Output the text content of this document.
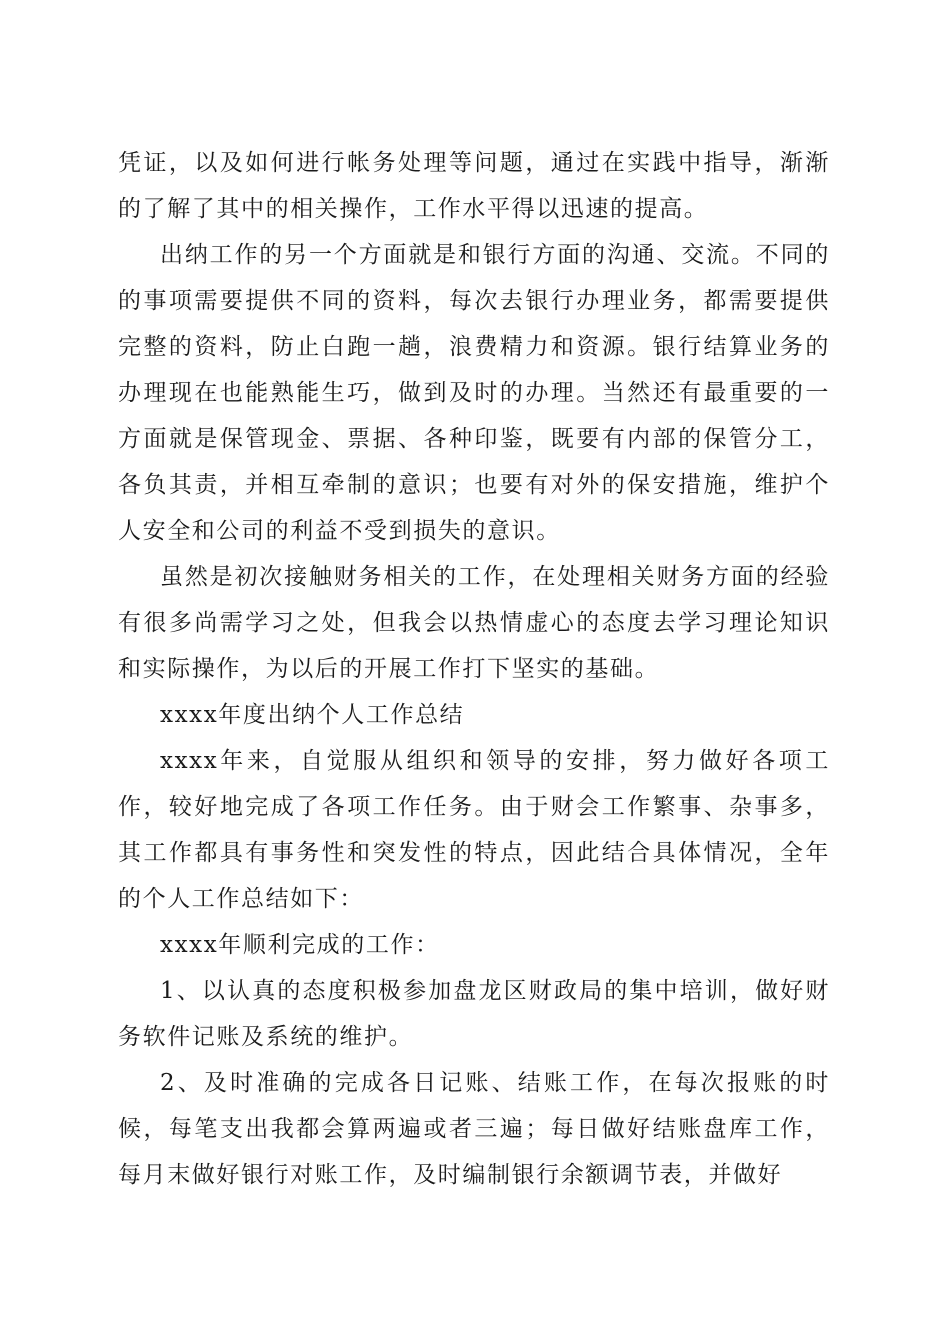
凭证，以及如何进行帐务处理等问题，通过在实践中指导，渐渐的了解了其中的相关操作，工作水平得以迅速的提高。

出纳工作的另一个方面就是和银行方面的沟通、交流。不同的的事项需要提供不同的资料，每次去银行办理业务，都需要提供完整的资料，防止白跑一趟，浪费精力和资源。银行结算业务的办理现在也能熟能生巧，做到及时的办理。当然还有最重要的一方面就是保管现金、票据、各种印鉴，既要有内部的保管分工，各负其责，并相互牵制的意识；也要有对外的保安措施，维护个人安全和公司的利益不受到损失的意识。

虽然是初次接触财务相关的工作，在处理相关财务方面的经验有很多尚需学习之处，但我会以热情虚心的态度去学习理论知识和实际操作，为以后的开展工作打下坚实的基础。

xxxx年度出纳个人工作总结

xxxx年来，自觉服从组织和领导的安排，努力做好各项工作，较好地完成了各项工作任务。由于财会工作繁事、杂事多，其工作都具有事务性和突发性的特点，因此结合具体情况，全年的个人工作总结如下：

xxxx年顺利完成的工作：

1、以认真的态度积极参加盘龙区财政局的集中培训，做好财务软件记账及系统的维护。

2、及时准确的完成各日记账、结账工作，在每次报账的时候，每笔支出我都会算两遍或者三遍；每日做好结账盘库工作，每月末做好银行对账工作，及时编制银行余额调节表，并做好
